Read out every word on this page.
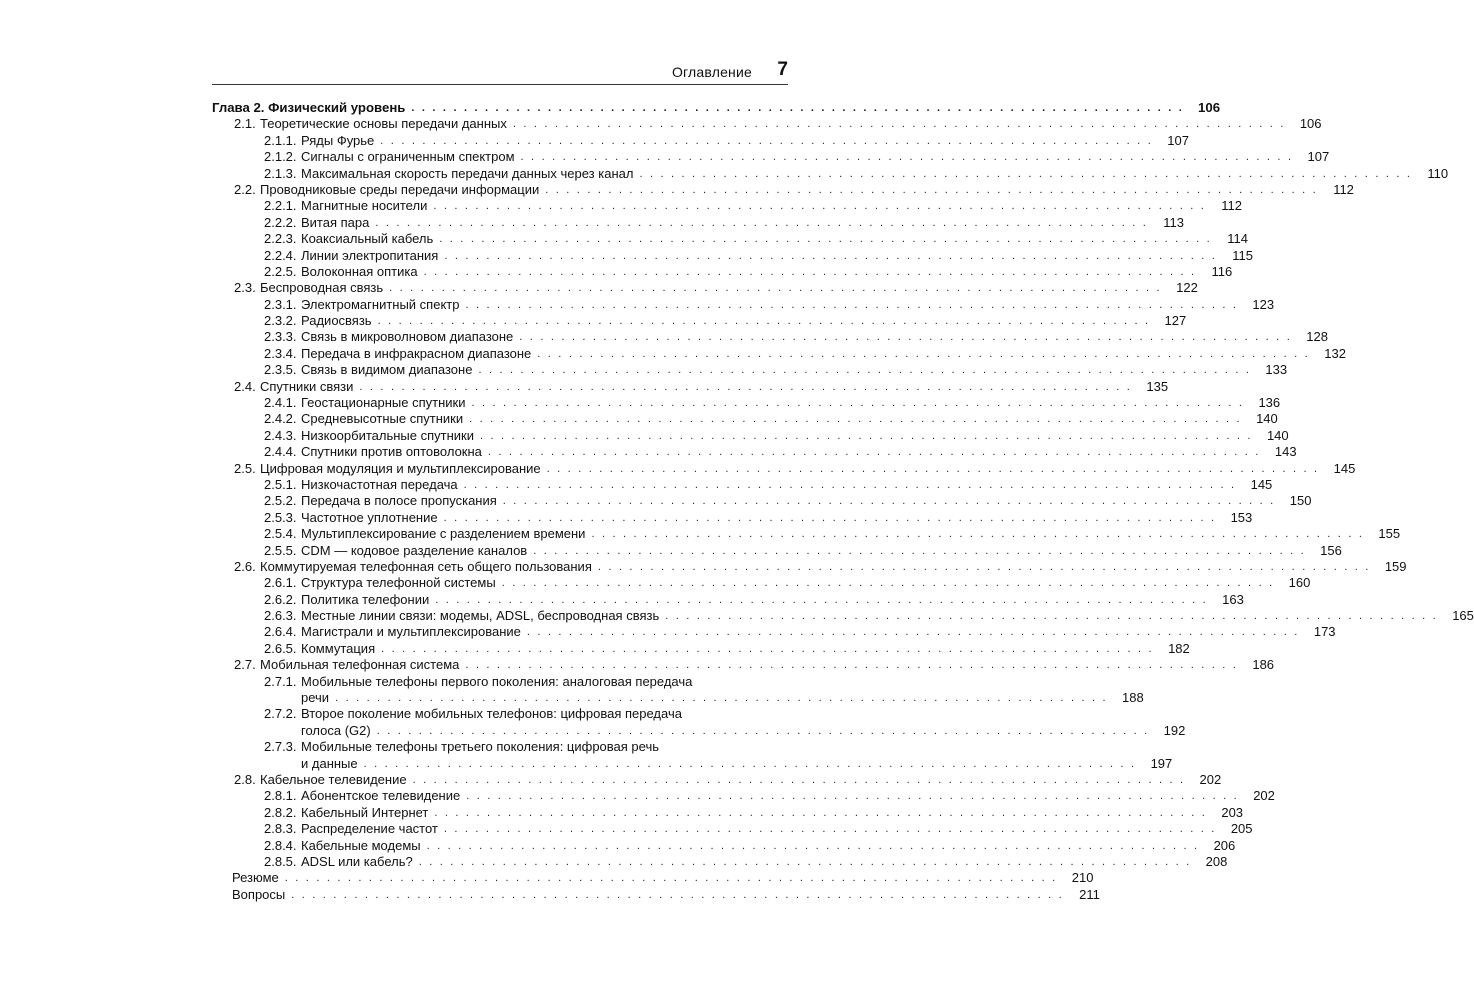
Оглавление 7
Глава 2. Физический уровень . . . . . . . . . . . . . . . . . . . . . . . . . . . . . . . . . . . . . . . . . . . . . . . . . . . . . . . . . . . . . . . . . . . . . . . . . .	106
2.1. Теоретические основы передачи данных . . . . . . . . . . . . . . . . . . . . . . . . . . . . . . . . . . . . . . . . . . . . . . . . . . . . . . . . . . . . . . . . . . . . . . . . . .	106
2.1.1. Ряды Фурье . . . . . . . . . . . . . . . . . . . . . . . . . . . . . . . . . . . . . . . . . . . . . . . . . . . . . . . . . . . . . . . . . . . . . . . . . .	107
2.1.2. Сигналы с ограниченным спектром . . . . . . . . . . . . . . . . . . . . . . . . . . . . . . . . . . . . . . . . . . . . . . . . . . . . . . . . . . . . . . . . . . . . . . . . . .	107
2.1.3. Максимальная скорость передачи данных через канал . . . . . . . . . . . . . . . . . . . . . . . . . . . . . . . . . . . . . . . . . . . . . . . . . . . . . . . . . . . . . . . . . . . . . . . . . .	110
2.2. Проводниковые среды передачи информации . . . . . . . . . . . . . . . . . . . . . . . . . . . . . . . . . . . . . . . . . . . . . . . . . . . . . . . . . . . . . . . . . . . . . . . . . .	112
2.2.1. Магнитные носители . . . . . . . . . . . . . . . . . . . . . . . . . . . . . . . . . . . . . . . . . . . . . . . . . . . . . . . . . . . . . . . . . . . . . . . . . .	112
2.2.2. Витая пара . . . . . . . . . . . . . . . . . . . . . . . . . . . . . . . . . . . . . . . . . . . . . . . . . . . . . . . . . . . . . . . . . . . . . . . . . .	113
2.2.3. Коаксиальный кабель . . . . . . . . . . . . . . . . . . . . . . . . . . . . . . . . . . . . . . . . . . . . . . . . . . . . . . . . . . . . . . . . . . . . . . . . . .	114
2.2.4. Линии электропитания . . . . . . . . . . . . . . . . . . . . . . . . . . . . . . . . . . . . . . . . . . . . . . . . . . . . . . . . . . . . . . . . . . . . . . . . . .	115
2.2.5. Волоконная оптика . . . . . . . . . . . . . . . . . . . . . . . . . . . . . . . . . . . . . . . . . . . . . . . . . . . . . . . . . . . . . . . . . . . . . . . . . .	116
2.3. Беспроводная связь . . . . . . . . . . . . . . . . . . . . . . . . . . . . . . . . . . . . . . . . . . . . . . . . . . . . . . . . . . . . . . . . . . . . . . . . . .	122
2.3.1. Электромагнитный спектр . . . . . . . . . . . . . . . . . . . . . . . . . . . . . . . . . . . . . . . . . . . . . . . . . . . . . . . . . . . . . . . . . . . . . . . . . .	123
2.3.2. Радиосвязь . . . . . . . . . . . . . . . . . . . . . . . . . . . . . . . . . . . . . . . . . . . . . . . . . . . . . . . . . . . . . . . . . . . . . . . . . .	127
2.3.3. Связь в микроволновом диапазоне . . . . . . . . . . . . . . . . . . . . . . . . . . . . . . . . . . . . . . . . . . . . . . . . . . . . . . . . . . . . . . . . . . . . . . . . . .	128
2.3.4. Передача в инфракрасном диапазоне . . . . . . . . . . . . . . . . . . . . . . . . . . . . . . . . . . . . . . . . . . . . . . . . . . . . . . . . . . . . . . . . . . . . . . . . . .	132
2.3.5. Связь в видимом диапазоне . . . . . . . . . . . . . . . . . . . . . . . . . . . . . . . . . . . . . . . . . . . . . . . . . . . . . . . . . . . . . . . . . . . . . . . . . .	133
2.4. Спутники связи . . . . . . . . . . . . . . . . . . . . . . . . . . . . . . . . . . . . . . . . . . . . . . . . . . . . . . . . . . . . . . . . . . . . . . . . . .	135
2.4.1. Геостационарные спутники . . . . . . . . . . . . . . . . . . . . . . . . . . . . . . . . . . . . . . . . . . . . . . . . . . . . . . . . . . . . . . . . . . . . . . . . . .	136
2.4.2. Средневысотные спутники . . . . . . . . . . . . . . . . . . . . . . . . . . . . . . . . . . . . . . . . . . . . . . . . . . . . . . . . . . . . . . . . . . . . . . . . . .	140
2.4.3. Низкоорбитальные спутники . . . . . . . . . . . . . . . . . . . . . . . . . . . . . . . . . . . . . . . . . . . . . . . . . . . . . . . . . . . . . . . . . . . . . . . . . .	140
2.4.4. Спутники против оптоволокна . . . . . . . . . . . . . . . . . . . . . . . . . . . . . . . . . . . . . . . . . . . . . . . . . . . . . . . . . . . . . . . . . . . . . . . . . .	143
2.5. Цифровая модуляция и мультиплексирование . . . . . . . . . . . . . . . . . . . . . . . . . . . . . . . . . . . . . . . . . . . . . . . . . . . . . . . . . . . . . . . . . . . . . . . . . .	145
2.5.1. Низкочастотная передача . . . . . . . . . . . . . . . . . . . . . . . . . . . . . . . . . . . . . . . . . . . . . . . . . . . . . . . . . . . . . . . . . . . . . . . . . .	145
2.5.2. Передача в полосе пропускания . . . . . . . . . . . . . . . . . . . . . . . . . . . . . . . . . . . . . . . . . . . . . . . . . . . . . . . . . . . . . . . . . . . . . . . . . .	150
2.5.3. Частотное уплотнение . . . . . . . . . . . . . . . . . . . . . . . . . . . . . . . . . . . . . . . . . . . . . . . . . . . . . . . . . . . . . . . . . . . . . . . . . .	153
2.5.4. Мультиплексирование с разделением времени . . . . . . . . . . . . . . . . . . . . . . . . . . . . . . . . . . . . . . . . . . . . . . . . . . . . . . . . . . . . . . . . . . . . . . . . . .	155
2.5.5. CDM — кодовое разделение каналов . . . . . . . . . . . . . . . . . . . . . . . . . . . . . . . . . . . . . . . . . . . . . . . . . . . . . . . . . . . . . . . . . . . . . . . . . .	156
2.6. Коммутируемая телефонная сеть общего пользования . . . . . . . . . . . . . . . . . . . . . . . . . . . . . . . . . . . . . . . . . . . . . . . . . . . . . . . . . . . . . . . . . . . . . . . . . .	159
2.6.1. Структура телефонной системы . . . . . . . . . . . . . . . . . . . . . . . . . . . . . . . . . . . . . . . . . . . . . . . . . . . . . . . . . . . . . . . . . . . . . . . . . .	160
2.6.2. Политика телефонии . . . . . . . . . . . . . . . . . . . . . . . . . . . . . . . . . . . . . . . . . . . . . . . . . . . . . . . . . . . . . . . . . . . . . . . . . .	163
2.6.3. Местные линии связи: модемы, ADSL, беспроводная связь . . . . . . . . . . . . . . . . . . . . . . . . . . . . . . . . . . . . . . . . . . . . . . . . . . . . . . . . . . . . . . . . . . . . . . . . . .	165
2.6.4. Магистрали и мультиплексирование . . . . . . . . . . . . . . . . . . . . . . . . . . . . . . . . . . . . . . . . . . . . . . . . . . . . . . . . . . . . . . . . . . . . . . . . . .	173
2.6.5. Коммутация . . . . . . . . . . . . . . . . . . . . . . . . . . . . . . . . . . . . . . . . . . . . . . . . . . . . . . . . . . . . . . . . . . . . . . . . . .	182
2.7. Мобильная телефонная система . . . . . . . . . . . . . . . . . . . . . . . . . . . . . . . . . . . . . . . . . . . . . . . . . . . . . . . . . . . . . . . . . . . . . . . . . .	186
2.7.1. Мобильные телефоны первого поколения: аналоговая передача
речи . . . . . . . . . . . . . . . . . . . . . . . . . . . . . . . . . . . . . . . . . . . . . . . . . . . . . . . . . . . . . . . . . . . . . . . . . .	188
2.7.2. Второе поколение мобильных телефонов: цифровая передача
голоса (G2) . . . . . . . . . . . . . . . . . . . . . . . . . . . . . . . . . . . . . . . . . . . . . . . . . . . . . . . . . . . . . . . . . . . . . . . . . .	192
2.7.3. Мобильные телефоны третьего поколения: цифровая речь
и данные . . . . . . . . . . . . . . . . . . . . . . . . . . . . . . . . . . . . . . . . . . . . . . . . . . . . . . . . . . . . . . . . . . . . . . . . . .	197
2.8. Кабельное телевидение . . . . . . . . . . . . . . . . . . . . . . . . . . . . . . . . . . . . . . . . . . . . . . . . . . . . . . . . . . . . . . . . . . . . . . . . . .	202
2.8.1. Абонентское телевидение . . . . . . . . . . . . . . . . . . . . . . . . . . . . . . . . . . . . . . . . . . . . . . . . . . . . . . . . . . . . . . . . . . . . . . . . . .	202
2.8.2. Кабельный Интернет . . . . . . . . . . . . . . . . . . . . . . . . . . . . . . . . . . . . . . . . . . . . . . . . . . . . . . . . . . . . . . . . . . . . . . . . . .	203
2.8.3. Распределение частот . . . . . . . . . . . . . . . . . . . . . . . . . . . . . . . . . . . . . . . . . . . . . . . . . . . . . . . . . . . . . . . . . . . . . . . . . .	205
2.8.4. Кабельные модемы . . . . . . . . . . . . . . . . . . . . . . . . . . . . . . . . . . . . . . . . . . . . . . . . . . . . . . . . . . . . . . . . . . . . . . . . . .	206
2.8.5. ADSL или кабель? . . . . . . . . . . . . . . . . . . . . . . . . . . . . . . . . . . . . . . . . . . . . . . . . . . . . . . . . . . . . . . . . . . . . . . . . . .	208
Резюме . . . . . . . . . . . . . . . . . . . . . . . . . . . . . . . . . . . . . . . . . . . . . . . . . . . . . . . . . . . . . . . . . . . . . . . . . .	210
Вопросы . . . . . . . . . . . . . . . . . . . . . . . . . . . . . . . . . . . . . . . . . . . . . . . . . . . . . . . . . . . . . . . . . . . . . . . . . .	211
